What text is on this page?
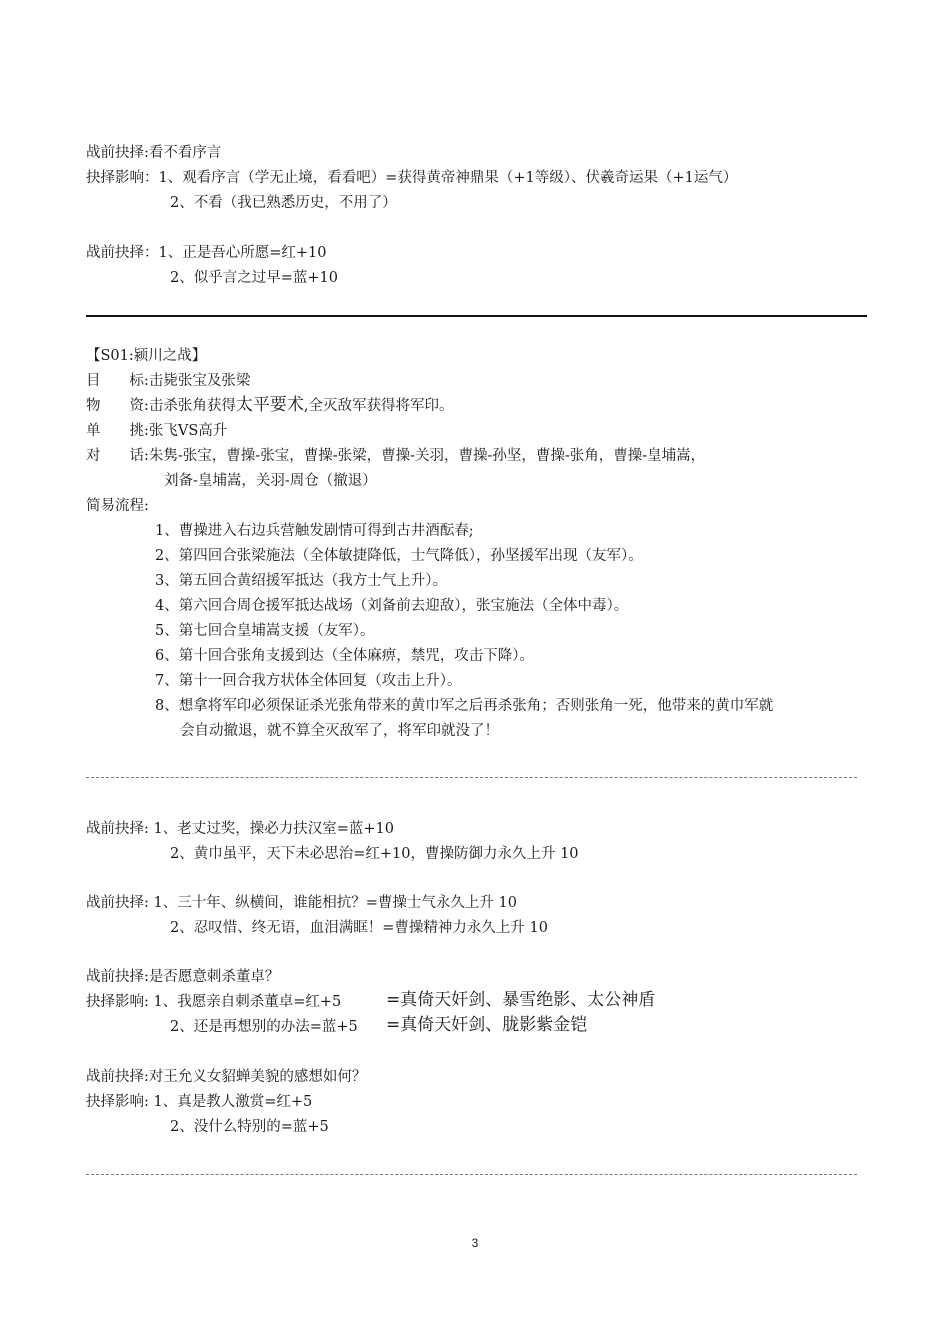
战前抉择:看不看序言
抉择影响：1、观看序言（学无止境，看看吧）=获得黄帝神鼎果（+1等级）、伏羲奇运果（+1运气）
2、不看（我已熟悉历史，不用了）
战前抉择：1、正是吾心所愿=红+10
2、似乎言之过早=蓝+10
【S01:颍川之战】
目　　标:击毙张宝及张梁
物　　资:击杀张角获得太平要术,全灭敌军获得将军印。
单　　挑:张飞VS高升
对　　话:朱隽-张宝，曹操-张宝，曹操-张梁，曹操-关羽，曹操-孙坚，曹操-张角，曹操-皇埔嵩，
刘备-皇埔嵩，关羽-周仓（撤退）
简易流程:
1、曹操进入右边兵营触发剧情可得到古井酒酝春;
2、第四回合张梁施法（全体敏捷降低，士气降低），孙坚援军出现（友军）。
3、第五回合黄绍援军抵达（我方士气上升）。
4、第六回合周仓援军抵达战场（刘备前去迎敌），张宝施法（全体中毒）。
5、第七回合皇埔嵩支援（友军）。
6、第十回合张角支援到达（全体麻痹，禁咒，攻击下降）。
7、第十一回合我方状体全体回复（攻击上升）。
8、想拿将军印必须保证杀光张角带来的黄巾军之后再杀张角；否则张角一死，他带来的黄巾军就
会自动撤退，就不算全灭敌军了，将军印就没了！
战前抉择: 1、老丈过奖，操必力扶汉室=蓝+10
2、黄巾虽平，天下未必思治=红+10，曹操防御力永久上升 10
战前抉择: 1、三十年、纵横间，谁能相抗？=曹操士气永久上升 10
2、忍叹惜、终无语，血泪满眶！=曹操精神力永久上升 10
战前抉择:是否愿意刺杀董卓？
抉择影响: 1、我愿亲自刺杀董卓=红+5	=真倚天奸剑、暴雪绝影、太公神盾
2、还是再想别的办法=蓝+5 =真倚天奸剑、胧影紫金铠
战前抉择:对王允义女貂蝉美貌的感想如何？
抉择影响: 1、真是教人激赏=红+5
2、没什么特别的=蓝+5
3
